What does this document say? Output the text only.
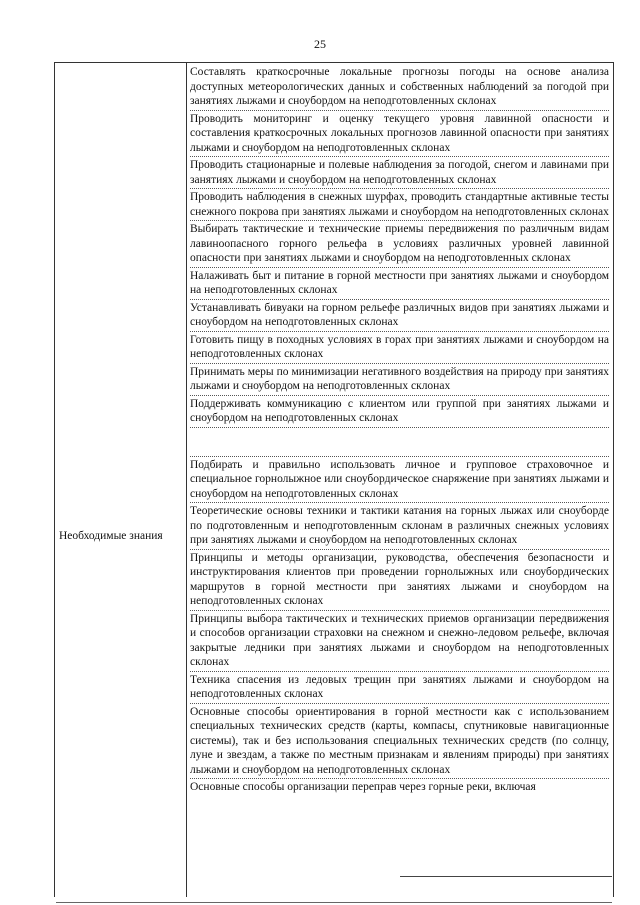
25
Необходимые знания
Составлять краткосрочные локальные прогнозы погоды на основе анализа доступных метеорологических данных и собственных наблюдений за погодой при занятиях лыжами и сноубордом на неподготовленных склонах
Проводить мониторинг и оценку текущего уровня лавинной опасности и составления краткосрочных локальных прогнозов лавинной опасности при занятиях лыжами и сноубордом на неподготовленных склонах
Проводить стационарные и полевые наблюдения за погодой, снегом и лавинами при занятиях лыжами и сноубордом на неподготовленных склонах
Проводить наблюдения в снежных шурфах, проводить стандартные активные тесты снежного покрова при занятиях лыжами и сноубордом на неподготовленных склонах
Выбирать тактические и технические приемы передвижения по различным видам лавиноопасного горного рельефа в условиях различных уровней лавинной опасности при занятиях лыжами и сноубордом на неподготовленных склонах
Налаживать быт и питание в горной местности при занятиях лыжами и сноубордом на неподготовленных склонах
Устанавливать бивуаки на горном рельефе различных видов при занятиях лыжами и сноубордом на неподготовленных склонах
Готовить пищу в походных условиях в горах при занятиях лыжами и сноубордом на неподготовленных склонах
Принимать меры по минимизации негативного воздействия на природу при занятиях лыжами и сноубордом на неподготовленных склонах
Поддерживать коммуникацию с клиентом или группой при занятиях лыжами и сноубордом на неподготовленных склонах
Подбирать и правильно использовать личное и групповое страховочное и специальное горнолыжное или сноубордическое снаряжение при занятиях лыжами и сноубордом на неподготовленных склонах
Теоретические основы техники и тактики катания на горных лыжах или сноуборде по подготовленным и неподготовленным склонам в различных снежных условиях при занятиях лыжами и сноубордом на неподготовленных склонах
Принципы и методы организации, руководства, обеспечения безопасности и инструктирования клиентов при проведении горнолыжных или сноубордических маршрутов в горной местности при занятиях лыжами и сноубордом на неподготовленных склонах
Принципы выбора тактических и технических приемов организации передвижения и способов организации страховки на снежном и снежно-ледовом рельефе, включая закрытые ледники при занятиях лыжами и сноубордом на неподготовленных склонах
Техника спасения из ледовых трещин при занятиях лыжами и сноубордом на неподготовленных склонах
Основные способы ориентирования в горной местности как с использованием специальных технических средств (карты, компасы, спутниковые навигационные системы), так и без использования специальных технических средств (по солнцу, луне и звездам, а также по местным признакам и явлениям природы) при занятиях лыжами и сноубордом на неподготовленных склонах
Основные способы организации переправ через горные реки, включая
